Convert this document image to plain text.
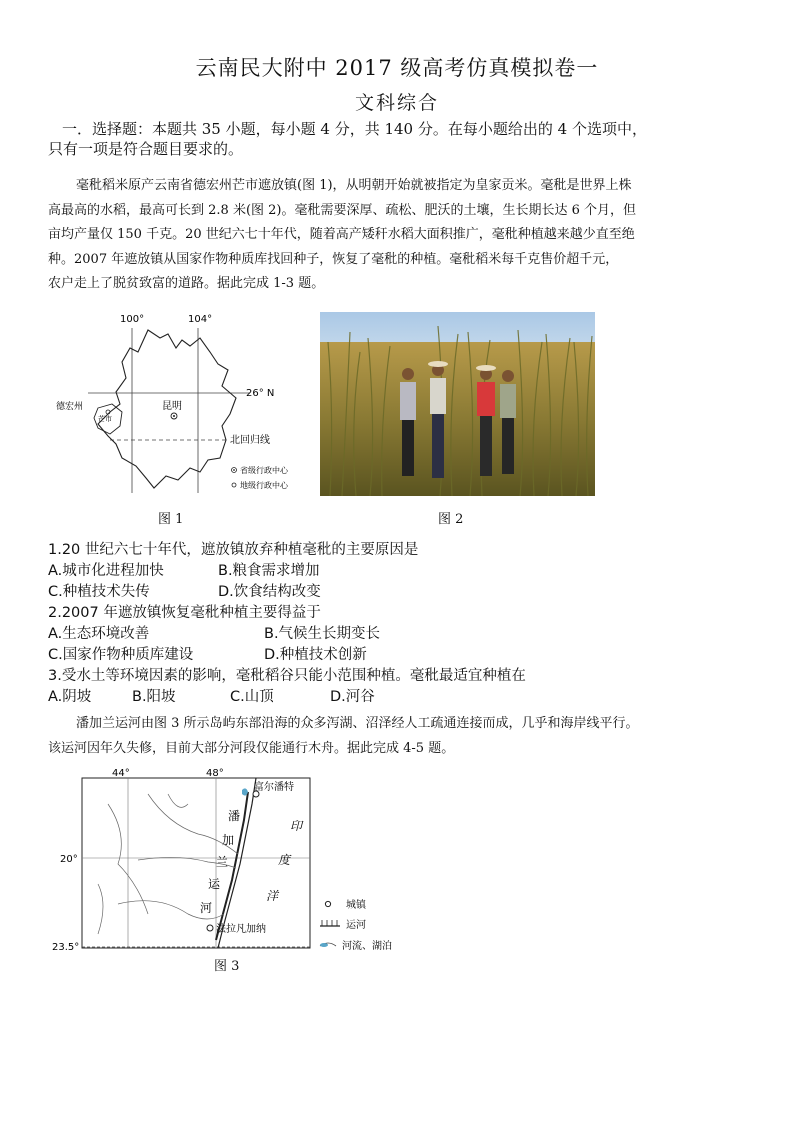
云南民大附中 2017 级高考仿真模拟卷一
文科综合
一．选择题：本题共 35 小题，每小题 4 分，共 140 分。在每小题给出的 4 个选项中，
只有一项是符合题目要求的。
毫秕稻米原产云南省德宏州芒市遮放镇(图 1)，从明朝开始就被指定为皇家贡米。毫秕是世界上株
高最高的水稻，最高可长到 2.8 米(图 2)。毫秕需要深厚、疏松、肥沃的土壤，生长期长达 6 个月，但
亩均产量仅 150 千克。20 世纪六七十年代，随着高产矮秆水稻大面积推广，毫秕种植越来越少直至绝
种。2007 年遮放镇从国家作物种质库找回种子，恢复了毫秕的种植。毫秕稻米每千克售价超千元，
农户走上了脱贫致富的道路。据此完成 1-3 题。
100°	104°
26° N
北回归线
昆明
德宏州
芒市
省级行政中心
地级行政中心
图 1	图 2
1.20 世纪六七十年代，遮放镇放弃种植毫秕的主要原因是
A.城市化进程加快	B.粮食需求增加
C.种植技术失传	D.饮食结构改变
2.2007 年遮放镇恢复毫秕种植主要得益于
A.生态环境改善	B.气候生长期变长
C.国家作物种质库建设	D.种植技术创新
3.受水土等环境因素的影响，毫秕稻谷只能小范围种植。毫秕最适宜种植在
A.阴坡	B.阳坡	C.山顶	D.河谷
潘加兰运河由图 3 所示岛屿东部沿海的众多泻湖、沼泽经人工疏通连接而成，几乎和海岸线平行。
该运河因年久失修，目前大部分河段仅能通行木舟。据此完成 4-5 题。
44°	48°
20°
23.5°
富尔潘特
法拉凡加纳
潘
加
兰
运
河
印
度
洋
城镇
运河
河流、湖泊
图 3
